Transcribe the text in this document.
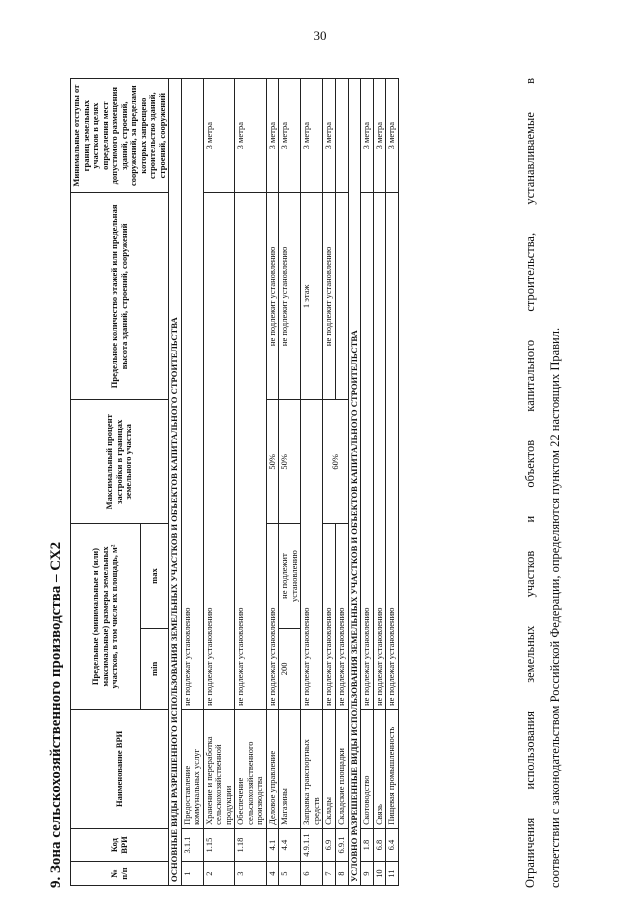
30
9. Зона сельскохозяйственного производства – СХ2	№ п/п	Код ВРИ	Наименование ВРИ	Предельные (минимальные и (или) максимальные) размеры земельных участков, в том числе их площадь, м²		Максимальный процент застройки в границах земельного участка	Предельное количество этажей или предельная высота зданий, строений, сооружений	Минимальные отступы от границ земельных участков в целях определения мест допустимого размещения зданий, строений, сооружений, за пределами которых запрещено строительство зданий, строений, сооружений
			min	max			
ОСНОВНЫЕ ВИДЫ РАЗРЕШЕННОГО ИСПОЛЬЗОВАНИЯ ЗЕМЕЛЬНЫХ УЧАСТКОВ И ОБЪЕКТОВ КАПИТАЛЬНОГО СТРОИТЕЛЬСТВА							
1	3.1.1	Предоставление коммунальных услуг	не подлежат установлению				
2	1.15	Хранение и переработка сельскохозяйственной продукции	не подлежат установлению				3 метра
3	1.18	Обеспечение сельскохозяйственного производства	не подлежат установлению				3 метра
4	4.1	Деловое управление	не подлежат установлению		50%	не подлежит установлению	3 метра
5	4.4	Магазины	200	не подлежит установлению	50%	не подлежит установлению	3 метра
6	4.9.1.1	Заправка транспортных средств	не подлежат установлению			1 этаж	3 метра
7	6.9	Склады	не подлежат установлению		60%	не подлежит установлению	3 метра
8	6.9.1	Складские площадки	не подлежат установлению				
УСЛОВНО РАЗРЕШЕННЫЕ ВИДЫ ИСПОЛЬЗОВАНИЯ ЗЕМЕЛЬНЫХ УЧАСТКОВ И ОБЪЕКТОВ КАПИТАЛЬНОГО СТРОИТЕЛЬСТВА							
9	1.8	Скотоводство	не подлежат установлению				3 метра
10	6.8	Связь	не подлежат установлению				3 метра
11	6.4	Пищевая промышленность	не подлежат установлению				3 метра	Ограничения использования земельных участков и объектов капитального строительства, устанавливаемые в соответствии с законодательством Российской Федерации, определяются пунктом 22 настоящих Правил.
